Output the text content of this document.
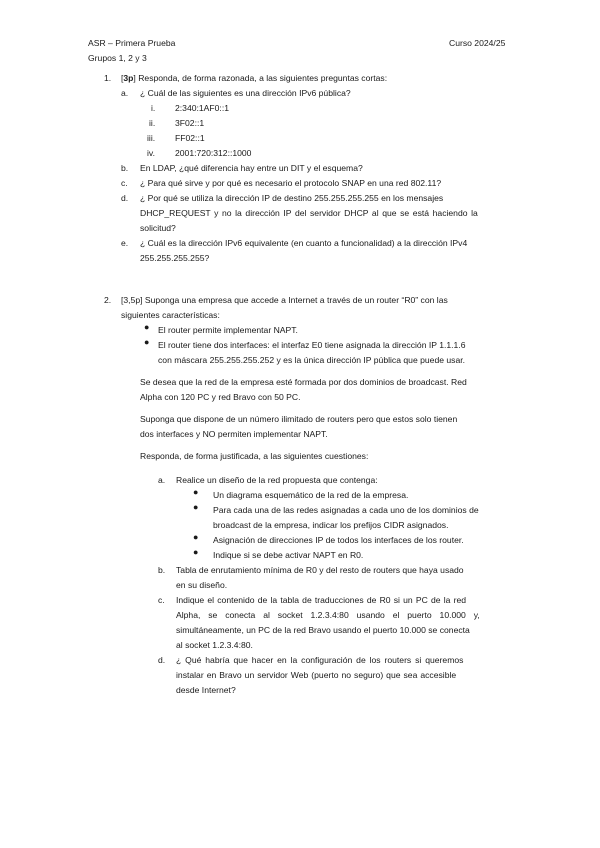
ASR – Primera Prueba	Curso 2024/25
Grupos 1, 2 y 3
1. [3p] Responda, de forma razonada, a las siguientes preguntas cortas:
a. ¿ Cuál de las siguientes es una dirección IPv6 pública?
i. 2:340:1AF0::1
ii. 3F02::1
iii. FF02::1
iv. 2001:720:312::1000
b. En LDAP, ¿qué diferencia hay entre un DIT y el esquema?
c. ¿ Para qué sirve y por qué es necesario el protocolo SNAP en una red 802.11?
d. ¿ Por qué se utiliza la dirección IP de destino 255.255.255.255 en los mensajes
DHCP_REQUEST y no la dirección IP del servidor DHCP al que se está haciendo la
solicitud?
e. ¿ Cuál es la dirección IPv6 equivalente (en cuanto a funcionalidad) a la dirección IPv4
255.255.255.255?
2. [3,5p] Suponga una empresa que accede a Internet a través de un router “R0” con las
siguientes características:
● El router permite implementar NAPT.
● El router tiene dos interfaces: el interfaz E0 tiene asignada la dirección IP 1.1.1.6
con máscara 255.255.255.252 y es la única dirección IP pública que puede usar.
Se desea que la red de la empresa esté formada por dos dominios de broadcast. Red
Alpha con 120 PC y red Bravo con 50 PC.
Suponga que dispone de un número ilimitado de routers pero que estos solo tienen
dos interfaces y NO permiten implementar NAPT.
Responda, de forma justificada, a las siguientes cuestiones:
a. Realice un diseño de la red propuesta que contenga:
● Un diagrama esquemático de la red de la empresa.
● Para cada una de las redes asignadas a cada uno de los dominios de
broadcast de la empresa, indicar los prefijos CIDR asignados.
● Asignación de direcciones IP de todos los interfaces de los router.
● Indique si se debe activar NAPT en R0.
b. Tabla de enrutamiento mínima de R0 y del resto de routers que haya usado
en su diseño.
c. Indique el contenido de la tabla de traducciones de R0 si un PC de la red
Alpha, se conecta al socket 1.2.3.4:80 usando el puerto 10.000 y,
simultáneamente, un PC de la red Bravo usando el puerto 10.000 se conecta
al socket 1.2.3.4:80.
d. ¿ Qué habría que hacer en la configuración de los routers si queremos
instalar en Bravo un servidor Web (puerto no seguro) que sea accesible
desde Internet?
